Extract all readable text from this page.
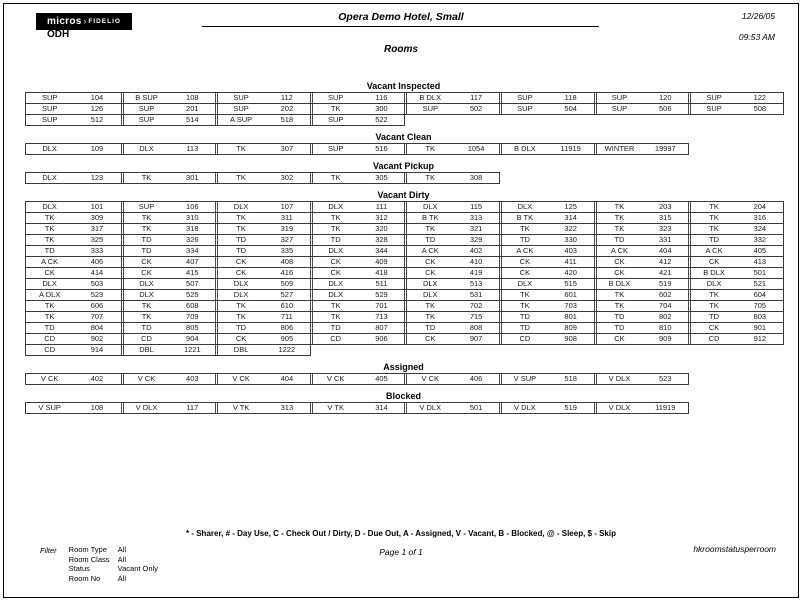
micros › FIDELIO
ODH
Opera Demo Hotel, Small	12/26/05
09:53 AM
Rooms
Vacant Inspected
SUP	104	B SUP	108	SUP	112	SUP	116	B DLX	117	SUP	118	SUP	120	SUP	122
SUP	126	SUP	201	SUP	202	TK	300	SUP	502	SUP	504	SUP	506	SUP	508
SUP	512	SUP	514	A SUP	518	SUP	522
Vacant Clean
DLX	109	DLX	113	TK	307	SUP	516	TK	1054	B DLX	11919	WINTER	19997
Vacant Pickup
DLX	123	TK	301	TK	302	TK	305	TK	308
Vacant Dirty
DLX	101	SUP	106	DLX	107	DLX	111	DLX	115	DLX	125	TK	203	TK	204
TK	309	TK	310	TK	311	TK	312	B TK	313	B TK	314	TK	315	TK	316
TK	317	TK	318	TK	319	TK	320	TK	321	TK	322	TK	323	TK	324
TK	325	TD	326	TD	327	TD	328	TD	329	TD	330	TD	331	TD	332
TD	333	TD	334	TD	335	DLX	344	A CK	402	A CK	403	A CK	404	A CK	405
A CK	406	CK	407	CK	408	CK	409	CK	410	CK	411	CK	412	CK	413
CK	414	CK	415	CK	416	CK	418	CK	419	CK	420	CK	421	B DLX	501
DLX	503	DLX	507	DLX	509	DLX	511	DLX	513	DLX	515	B DLX	519	DLX	521
A DLX	523	DLX	525	DLX	527	DLX	529	DLX	531	TK	601	TK	602	TK	604
TK	606	TK	608	TK	610	TK	701	TK	702	TK	703	TK	704	TK	705
TK	707	TK	709	TK	711	TK	713	TK	715	TD	801	TD	802	TD	803
TD	804	TD	805	TD	806	TD	807	TD	808	TD	809	TD	810	CK	901
CD	902	CD	904	CK	905	CD	906	CK	907	CD	908	CK	909	CD	912
CD	914	DBL	1221	DBL	1222
Assigned
V CK	402	V CK	403	V CK	404	V CK	405	V CK	406	V SUP	518	V DLX	523
Blocked
V SUP	108	V DLX	117	V TK	313	V TK	314	V DLX	501	V DLX	519	V DLX	11919
* - Sharer, # - Day Use, C - Check Out / Dirty, D - Due Out, A - Assigned, V - Vacant, B - Blocked, @ - Sleep, $ - Skip
Page 1 of 1	hkroomstatusperroom
Filter Room Type	All
Room Class	All
Status	Vacant Only
Room No	All
